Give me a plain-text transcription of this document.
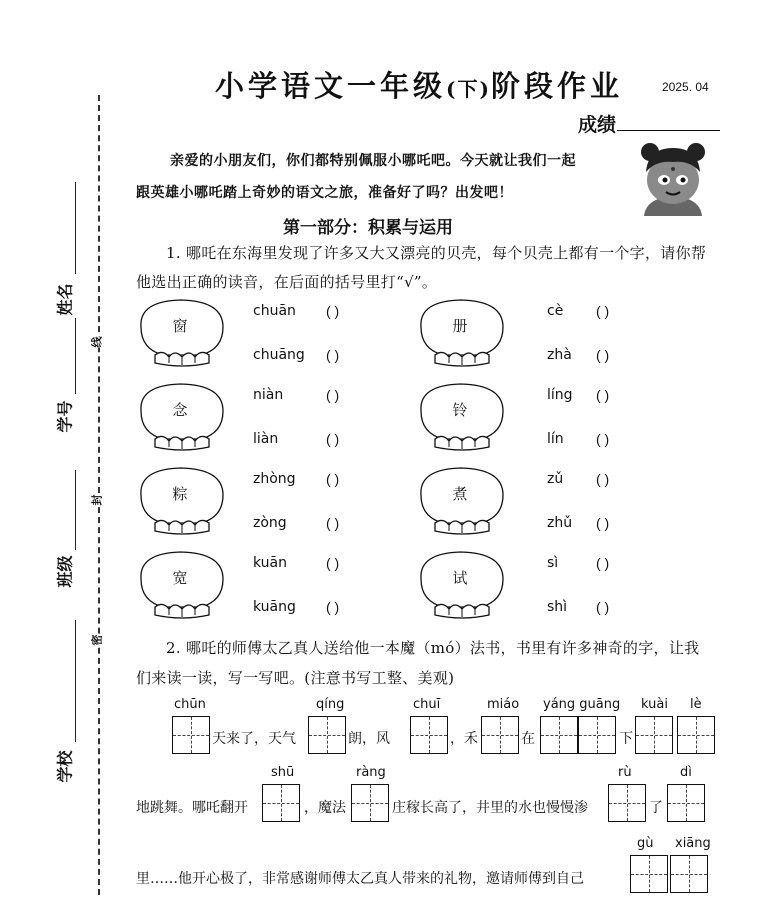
线
封
密
姓名
学号
班级
学校
小学语文一年级(下)阶段作业	2025. 04
成绩
亲爱的小朋友们，你们都特别佩服小哪吒吧。今天就让我们一起
跟英雄小哪吒踏上奇妙的语文之旅，准备好了吗？出发吧！
第一部分：积累与运用
1. 哪吒在东海里发现了许多又大又漂亮的贝壳，每个贝壳上都有一个字，请你帮
他选出正确的读音，在后面的括号里打“√”。
窗
chuān ( )
chuāng ( )
册
cè ( )
zhà ( )
念
niàn	( )
liàn	( )
铃
líng ( )
lín ( )
粽
zhòng ( )
zòng	( )
煮
zǔ ( )
zhǔ ( )
宽
kuān	( )
kuāng ( )
试
sì	( )
shì ( )
2. 哪吒的师傅太乙真人送给他一本魔（mó）法书，书里有许多神奇的字，让我
们来读一读，写一写吧。(注意书写工整、美观)
chūn	qíng	chuī	miáo yáng guāng kuài lè
天来了，天气	朗，风	，禾	在	下
shū	ràng	rù	dì
地跳舞。哪吒翻开	，魔法	庄稼长高了，井里的水也慢慢渗	了
gù xiāng
里……他开心极了，非常感谢师傅太乙真人带来的礼物，邀请师傅到自己
